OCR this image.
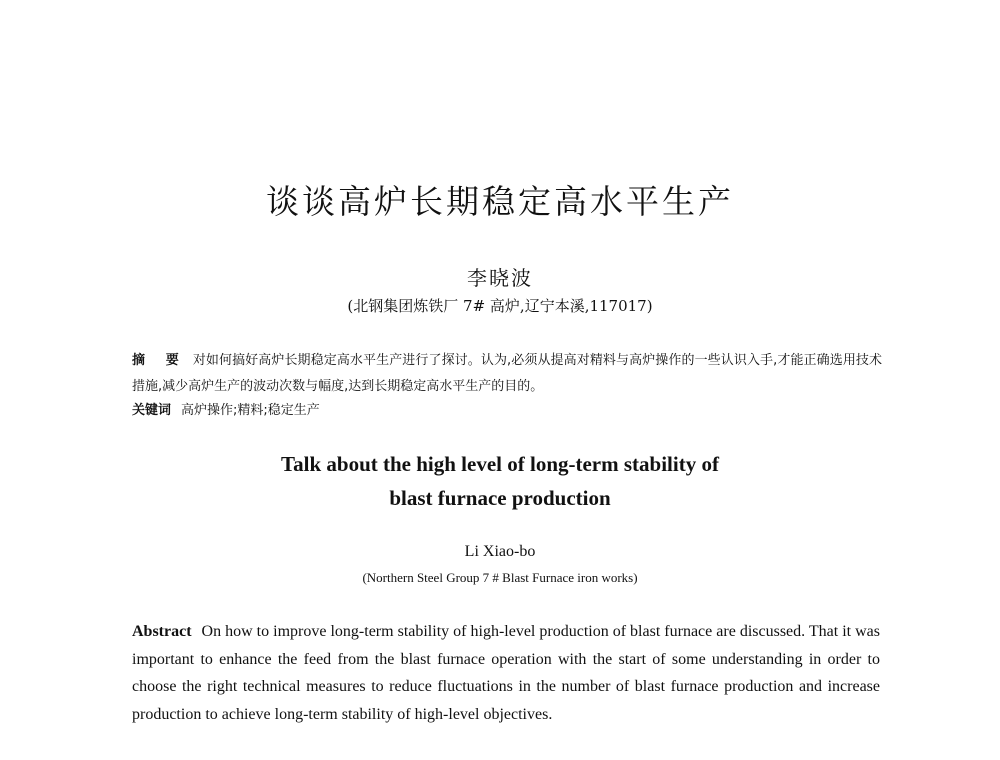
谈谈高炉长期稳定高水平生产

李晓波

(北钢集团炼铁厂 7# 高炉,辽宁本溪,117017)

摘 要 对如何搞好高炉长期稳定高水平生产进行了探讨。认为,必须从提高对精料与高炉操作的一些认识入手,才能正确选用技术措施,减少高炉生产的波动次数与幅度,达到长期稳定高水平生产的目的。

关键词 高炉操作;精料;稳定生产

Talk about the high level of long-term stability of
blast furnace production

Li Xiao-bo

(Northern Steel Group 7 # Blast Furnace iron works)

Abstract On how to improve long-term stability of high-level production of blast furnace are discussed. That it was important to enhance the feed from the blast furnace operation with the start of some understanding in order to choose the right technical measures to reduce fluctuations in the number of blast furnace production and increase production to achieve long-term stability of high-level objectives.
